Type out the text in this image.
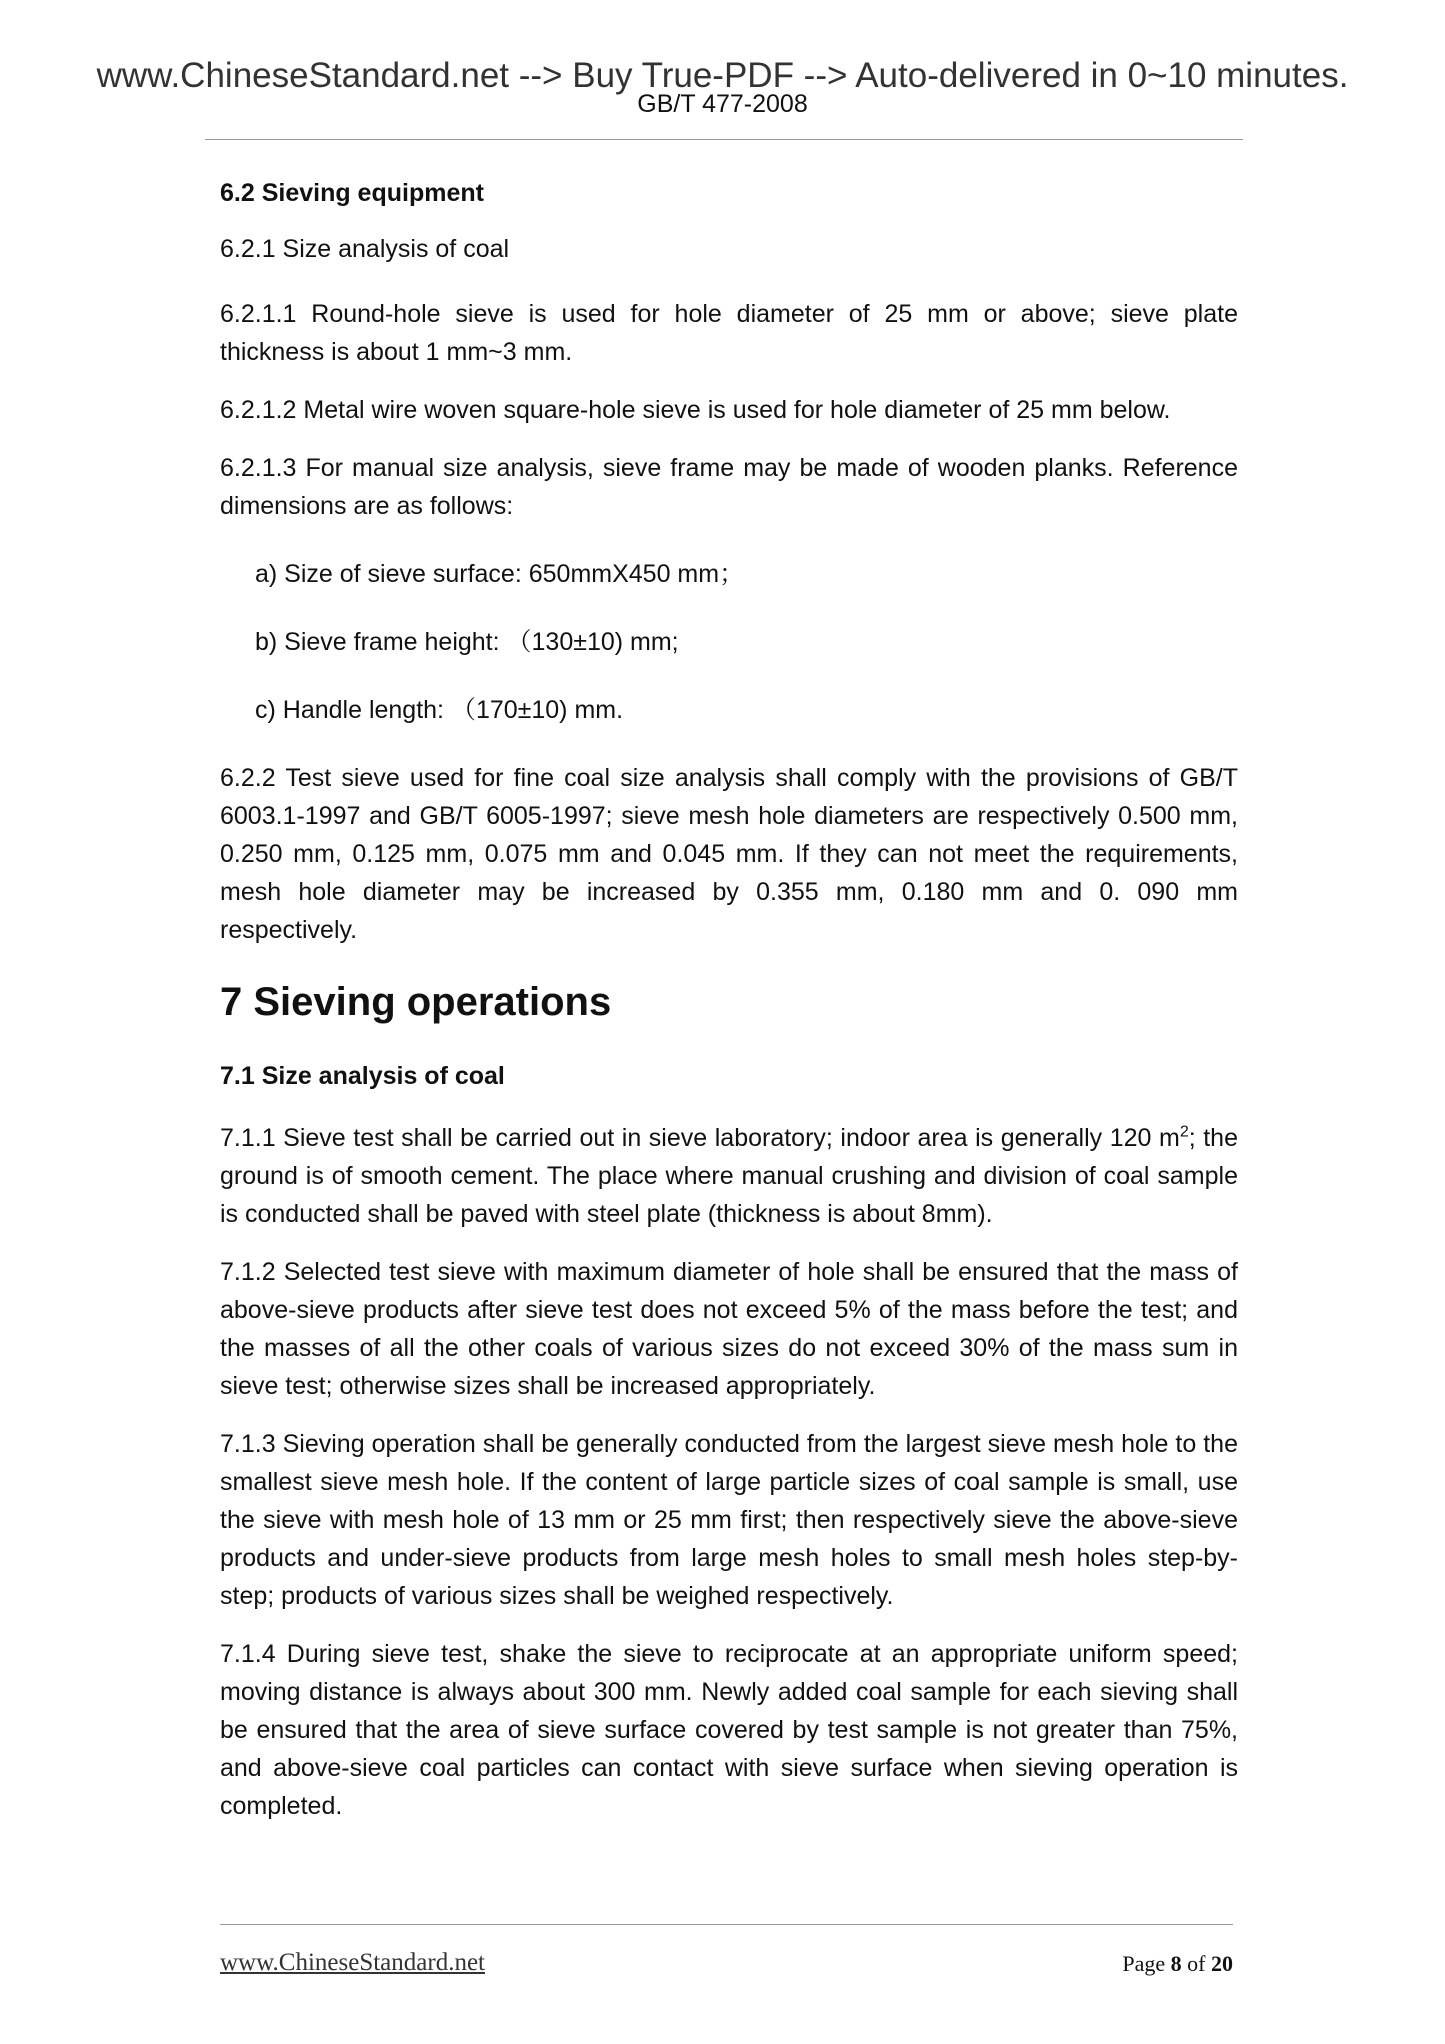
www.ChineseStandard.net --> Buy True-PDF --> Auto-delivered in 0~10 minutes.
GB/T 477-2008

6.2 Sieving equipment

6.2.1 Size analysis of coal

6.2.1.1 Round-hole sieve is used for hole diameter of 25 mm or above; sieve plate thickness is about 1 mm~3 mm.

6.2.1.2 Metal wire woven square-hole sieve is used for hole diameter of 25 mm below.

6.2.1.3 For manual size analysis, sieve frame may be made of wooden planks. Reference dimensions are as follows:

a) Size of sieve surface: 650mmX450 mm；

b) Sieve frame height: （130±10) mm;

c) Handle length: （170±10) mm.

6.2.2 Test sieve used for fine coal size analysis shall comply with the provisions of GB/T 6003.1-1997 and GB/T 6005-1997; sieve mesh hole diameters are respectively 0.500 mm, 0.250 mm, 0.125 mm, 0.075 mm and 0.045 mm. If they can not meet the requirements, mesh hole diameter may be increased by 0.355 mm, 0.180 mm and 0. 090 mm respectively.

7 Sieving operations

7.1 Size analysis of coal

7.1.1 Sieve test shall be carried out in sieve laboratory; indoor area is generally 120 $m^2$; the ground is of smooth cement. The place where manual crushing and division of coal sample is conducted shall be paved with steel plate (thickness is about 8mm).

7.1.2 Selected test sieve with maximum diameter of hole shall be ensured that the mass of above-sieve products after sieve test does not exceed 5% of the mass before the test; and the masses of all the other coals of various sizes do not exceed 30% of the mass sum in sieve test; otherwise sizes shall be increased appropriately.

7.1.3 Sieving operation shall be generally conducted from the largest sieve mesh hole to the smallest sieve mesh hole. If the content of large particle sizes of coal sample is small, use the sieve with mesh hole of 13 mm or 25 mm first; then respectively sieve the above-sieve products and under-sieve products from large mesh holes to small mesh holes step-by-step; products of various sizes shall be weighed respectively.

7.1.4 During sieve test, shake the sieve to reciprocate at an appropriate uniform speed; moving distance is always about 300 mm. Newly added coal sample for each sieving shall be ensured that the area of sieve surface covered by test sample is not greater than 75%, and above-sieve coal particles can contact with sieve surface when sieving operation is completed.

www.ChineseStandard.net	Page 8 of 20
